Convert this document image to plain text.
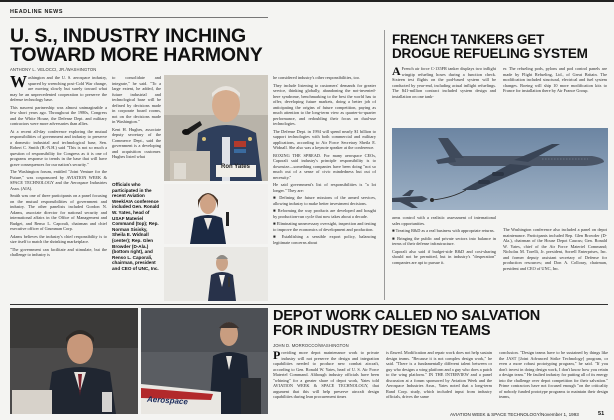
HEADLINE NEWS
U. S., INDUSTRY INCHING
TOWARD MORE HARMONY
ANTHONY L. VELOCCI, JR./WASHINGTON
W ashington and the U. S. aerospace industry, spurred by wrenching post-Cold War change, are moving slowly but surely toward what may be an unprecedented cooperation to preserve the defense technology base.

This nascent partnership was almost unimaginable a few short years ago. Throughout the 1980s, Congress and the White House, the Defense Dept. and military contractors were more adversaries than allies.

At a recent all-day conference exploring the mutual responsibilities of government and industry to preserve a domestic industrial and technological base, Sen. Robert C. Smith (R.-N.H.) said "This is not so much a question of responsibility for Congress as it is one of programs response to trends in the base that will have grave consequences for our nation's security."

The Washington forum, entitled "Joint Venture for the Future," was cosponsored by AVIATION WEEK & SPACE TECHNOLOGY and the Aerospace Industries Assn. (AIA).

Smith was one of three participants on a panel focusing on the mutual responsibilities of government and industry. The other panelists included Gordon N. Adams, associate director for national security and international affairs in the Office of Management and Budget, and Renso L. Caporali, chairman and chief executive officer of Grumman Corp.

Adams believes the industry's chief responsibility is to size itself to match the shrinking marketplace.

"The government can facilitate and stimulate, but the challenge to industry is

to consolidate and integrate," he said. "To a large extent, he added, the future industrial and technological base will be defined by decisions made in corporate board rooms, not on the decisions made in Washington."

Kent H. Hughes, associate deputy secretary of the Commerce Dept., said the government is a developing and acquisition customer. Hughes listed what

Ron Yates
Officials who participated in the recent Aviation Week/AIA conference included Gen. Ronald W. Yates, head of USAF Materiel Command (top); Rep. Norman Sisisky, Sheila E. Widnall (center); Rep. Glen Browder (D-Ala.) (bottom right), and Renso L. Caporali, chairman, president and CEO of UNC, Inc.

he considered industry's other responsibilities, too.

They include listening to customers' demands for greater service, thinking globally, abandoning the not-invented-here syndrome, benchmarking to the best the world has to offer, developing future markets, doing a better job of anticipating the origins of future competition, paying as much attention to the long-term view as quarter-to-quarter performance, and redoubling their focus on dual-use technologies.

The Defense Dept. in 1994 will spend nearly $1 billion to support technologies with both commercial and military applications, according to Air Force Secretary Sheila E. Widnall. She also was a keynote speaker at the conference.

BOXING THE SPREAD. For many aerospace CEOs, Caporali said industry's principle responsibility is to downsize—something companies have been doing "not so much out of a sense of civic mindedness but out of necessity."

He said government's list of responsibilities is "a lot longer." They are:

■ Defining the future missions of the armed services, allowing industry to make better investment decisions.

■ Reforming the way products are developed and bought by production-run cycle that now takes about a decade.

■ Eliminating unnecessary oversight, inspection and testing to improve the economics of development and production.

■ Establishing a sensible export policy, balancing legitimate concerns about

FRENCH TANKERS GET
DROGUE REFUELING SYSTEM
A French air force C-135FR tanker displays two inflight wingtip refueling hoses during a function check. Sixteen test flights on the pod-based system will be conducted by year-end, including actual inflight refuelings. The $41-million contract included system design and installation on one tank-

er. The refueling pods, pylons and pod control panels are made by Flight Refueling, Ltd., of Great Britain. The modification included structural, electrical and fuel system changes. Boeing will ship 10 more modification kits to France for installation there by Air France Group.

arms control with a realistic assessment of international sales opportunities.

■ Treating R&D as a real business with appropriate returns.

■ Bringing the public and private sectors into balance in terms of their defense infrastructure.

Caporali also said if budget-side R&D and cost-sharing should not be permitted, but in industry's "desperation" companies are apt to pursue it.

The Washington conference also included a panel on depot maintenance. Participants included Rep. Glen Browder (D-Ala.), chairman of the House Depot Caucus; Gen. Ronald W. Yates, chief of the Air Force Materiel Command; Nicholas M. Torelli, Jr. president, Sorrell Enterprises, Inc. and former deputy assistant secretary of Defense for production resources; and Don A. Colloray, chairman, president and CEO of UNC, Inc.

Aerospace
DEPOT WORK CALLED NO SALVATION
FOR INDUSTRY DESIGN TEAMS
JOHN D. MORROCCO/WASHINGTON
P roviding more depot maintenance work to private industry will not preserve the design and integration capabilities needed to produce new combat aircraft, according to Gen. Ronald W. Yates, head of U. S. Air Force Materiel Command. Although industry officials have been "whining" for a greater share of depot work, Yates told AVIATION WEEK & SPACE TECHNOLOGY, that argument that this will help preserve aircraft design capabilities during lean procurement times

is flawed. Modification and repair work does not help sustain design teams. "Because it is not complex design work," he said. "There is a fundamentally different talent between or guy who designs a wing platform and a guy who does a patch to the wing platform." IN THE INTERVIEW and a panel discussion at a forum sponsored by Aviation Week and the Aerospace Industries Assn., Yates noted that a long-term Rand Corp. study, which included input from industry officials, drives the same

conclusion. "Design teams have to be sustained by things like the JAST [Joint Advanced Strike Technology] program, or even a more robust prototyping program," he said. "If you don't invest in doing design work, I don't know how you retain a design team." He faulted industry for putting all of its energy into the challenge over depot competition for their salvation." Prime contractors have not focused enough "on the criticality of nobody funded prototype programs to maintain their design teams,

AVIATION WEEK & SPACE TECHNOLOGY/November 1, 1993	51
